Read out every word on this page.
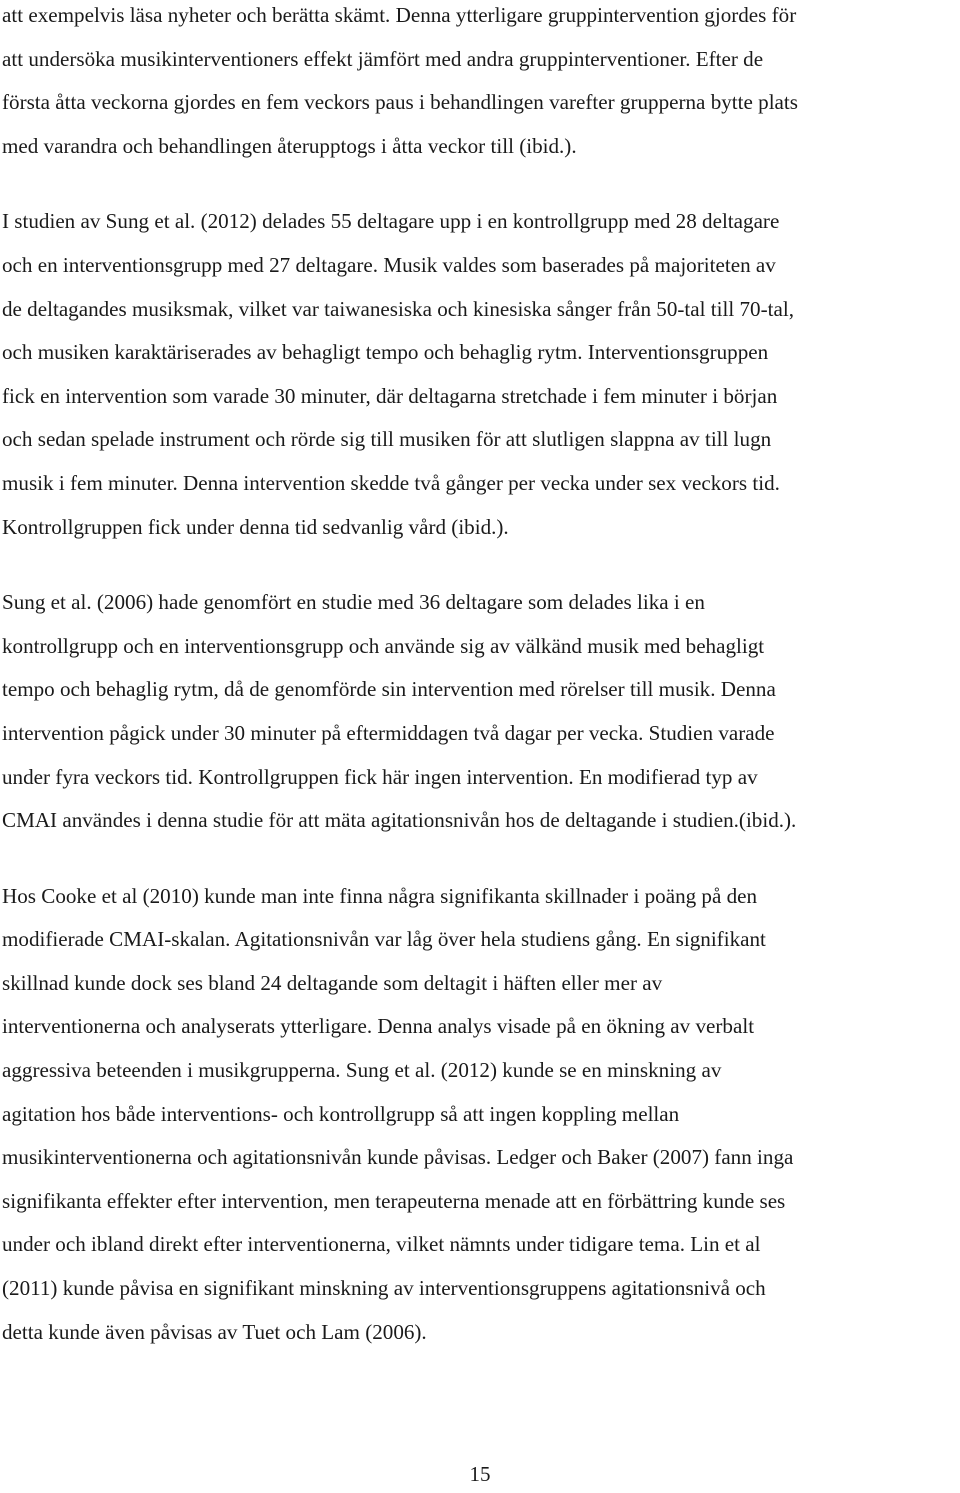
att exempelvis läsa nyheter och berätta skämt. Denna ytterligare gruppintervention gjordes för
att undersöka musikinterventioners effekt jämfört med andra gruppinterventioner. Efter de
första åtta veckorna gjordes en fem veckors paus i behandlingen varefter grupperna bytte plats
med varandra och behandlingen återupptogs i åtta veckor till (ibid.).

I studien av Sung et al. (2012) delades 55 deltagare upp i en kontrollgrupp med 28 deltagare
och en interventionsgrupp med 27 deltagare. Musik valdes som baserades på majoriteten av
de deltagandes musiksmak, vilket var taiwanesiska och kinesiska sånger från 50-tal till 70-tal,
och musiken karaktäriserades av behagligt tempo och behaglig rytm. Interventionsgruppen
fick en intervention som varade 30 minuter, där deltagarna stretchade i fem minuter i början
och sedan spelade instrument och rörde sig till musiken för att slutligen slappna av till lugn
musik i fem minuter. Denna intervention skedde två gånger per vecka under sex veckors tid.
Kontrollgruppen fick under denna tid sedvanlig vård (ibid.).

Sung et al. (2006) hade genomfört en studie med 36 deltagare som delades lika i en
kontrollgrupp och en interventionsgrupp och använde sig av välkänd musik med behagligt
tempo och behaglig rytm, då de genomförde sin intervention med rörelser till musik. Denna
intervention pågick under 30 minuter på eftermiddagen två dagar per vecka. Studien varade
under fyra veckors tid. Kontrollgruppen fick här ingen intervention. En modifierad typ av
CMAI användes i denna studie för att mäta agitationsnivån hos de deltagande i studien.(ibid.).

Hos Cooke et al (2010) kunde man inte finna några signifikanta skillnader i poäng på den
modifierade CMAI-skalan. Agitationsnivån var låg över hela studiens gång. En signifikant
skillnad kunde dock ses bland 24 deltagande som deltagit i häften eller mer av
interventionerna och analyserats ytterligare. Denna analys visade på en ökning av verbalt
aggressiva beteenden i musikgrupperna. Sung et al. (2012) kunde se en minskning av
agitation hos både interventions- och kontrollgrupp så att ingen koppling mellan
musikinterventionerna och agitationsnivån kunde påvisas. Ledger och Baker (2007) fann inga
signifikanta effekter efter intervention, men terapeuterna menade att en förbättring kunde ses
under och ibland direkt efter interventionerna, vilket nämnts under tidigare tema. Lin et al
(2011) kunde påvisa en signifikant minskning av interventionsgruppens agitationsnivå och
detta kunde även påvisas av Tuet och Lam (2006).

15
